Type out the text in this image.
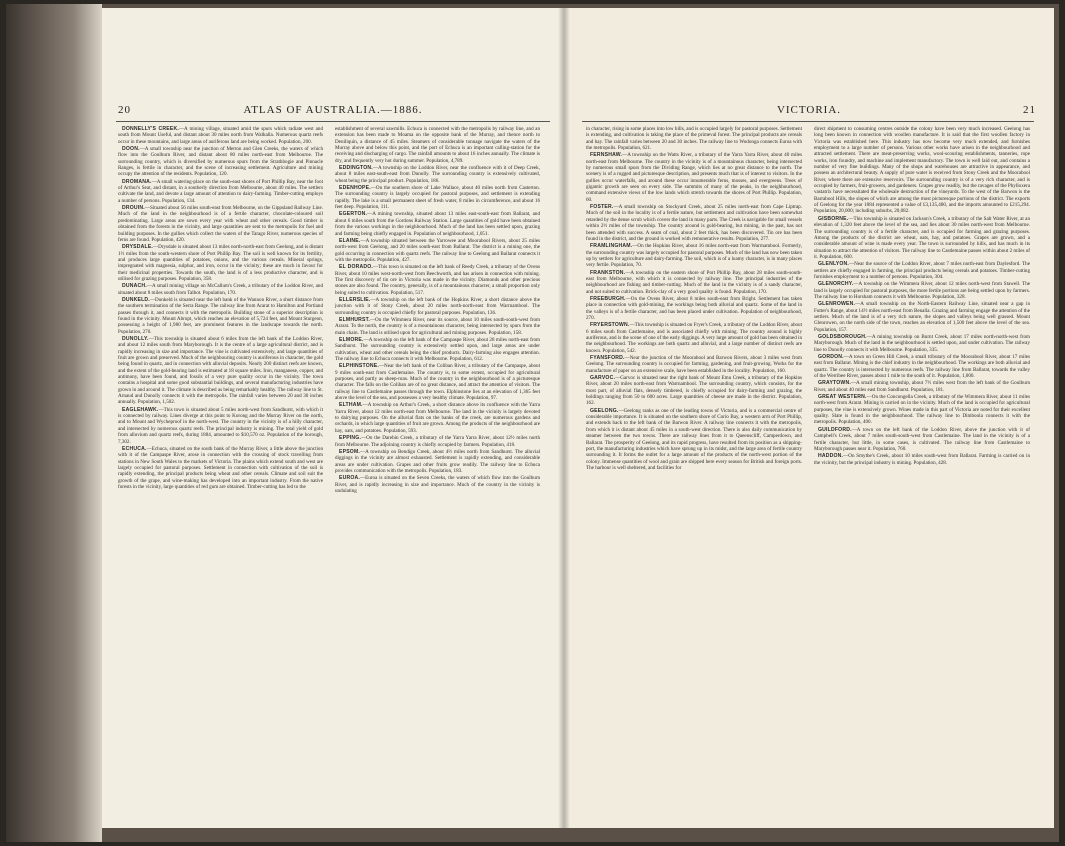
20	ATLAS OF AUSTRALIA.—1886.

DONNELLY'S CREEK.—A mining village, situated amid the spurs which radiate west and south from Mount Useful, and distant about 30 miles north from Walhalla. Numerous quartz reefs occur in these mountains, and large areas of auriferous land are being worked. Population, 200.

DOON.—A small township near the junction of Merton and Glen Creeks, the waters of which flow into the Goulburn River, and distant about 80 miles north-east from Melbourne. The surrounding country, which is diversified by numerous spurs from the Strathbogie and Pinnacle Ranges, is fertile in character, and the scene of increasing settlement. Agriculture and mining occupy the attention of the residents. Population, 120.

DROMANA.—A small watering-place on the south-east shores of Port Phillip Bay, near the foot of Arthur's Seat, and distant, in a southerly direction from Melbourne, about 40 miles. The settlers cultivate the land, and devote a large amount of attention to dairy-farming. Timber-cutting employs a number of persons. Population, 134.

DROUIN.—Situated about 56 miles south-east from Melbourne, on the Gippsland Railway Line. Much of the land in the neighbourhood is of a fertile character, chocolate-coloured soil predominating. Large areas are sown every year with wheat and other cereals. Good timber is obtained from the forests in the vicinity, and large quantities are sent to the metropolis for fuel and building purposes. In the gullies which collect the waters of the Tarago River, numerous species of ferns are found. Population, 420.

DRYSDALE.—Drysdale is situated about 13 miles north-north-east from Geelong, and is distant 1½ miles from the south-western shore of Port Phillip Bay. The soil is well known for its fertility, and produces large quantities of potatoes, onions, and the various cereals. Mineral springs, impregnated with magnesia, sulphur, and iron, occur in the vicinity; these are much in favour for their medicinal properties. Towards the south, the land is of a less productive character, and is utilised for grazing purposes. Population, 358.

DUNACH.—A small mining village on McCallum's Creek, a tributary of the Loddon River, and situated about 8 miles south from Talbot. Population, 170.

DUNKELD.—Dunkeld is situated near the left bank of the Wannon River, a short distance from the southern termination of the Serra Range. The railway line from Ararat to Hamilton and Portland passes through it, and connects it with the metropolis. Building stone of a superior description is found in the vicinity. Mount Abrupt, which reaches an elevation of 5,724 feet, and Mount Sturgeon, possessing a height of 1,980 feet, are prominent features in the landscape towards the north. Population, 270.

DUNOLLY.—This township is situated about 6 miles from the left bank of the Loddon River, and about 12 miles south from Maryborough. It is the centre of a large agricultural district, and is rapidly increasing in size and importance. The vine is cultivated extensively, and large quantities of fruit are grown and preserved. Much of the neighbouring country is auriferous in character, the gold being found in quartz, and in connection with alluvial deposits. Nearly 200 distinct reefs are known, and the extent of the gold-bearing land is estimated at 18 square miles. Iron, manganese, copper, and antimony, have been found, and fossils of a very pure quality occur in the vicinity. The town contains a hospital and some good substantial buildings, and several manufacturing industries have grown in and around it. The climate is described as being remarkably healthy. The railway line to St. Arnaud and Dunolly connects it with the metropolis. The rainfall varies between 20 and 30 inches annually. Population, 1,502.

EAGLEHAWK.—This town is situated about 5 miles north-west from Sandhurst, with which it is connected by railway. Lines diverge at this point to Korong and the Murray River on the north, and to Mount and Wycheproof in the north-west. The country in the vicinity is of a hilly character, and intersected by numerous quartz reefs. The principal industry is mining. The total yield of gold from alluvium and quartz reefs, during 1884, amounted to $10,570 oz. Population of the borough, 7,302.

ECHUCA.—Echuca, situated on the south bank of the Murray River, a little above the junction with it of the Campaspe River, arose in connection with the crossing of stock travelling from stations in New South Wales to the markets of Victoria. The plains which extend south and west are largely occupied for pastoral purposes. Settlement in connection with cultivation of the soil is rapidly extending, the principal products being wheat and other cereals. Climate and soil suit the growth of the grape, and wine-making has developed into an important industry. From the native forests in the vicinity, large quantities of red gum are obtained. Timber-cutting has led to the

establishment of several sawmills. Echuca is connected with the metropolis by railway line, and an extension has been made to Moama on the opposite bank of the Murray, and thence north to Deniliquin, a distance of 45 miles. Steamers of considerable tonnage navigate the waters of the Murray above and below this point, and the port of Echuca is an important calling-station for the receiving and discharging of cargo. The rainfall amounts to about 16 inches annually. The climate is dry, and frequently very hot during summer. Population, 4,789.

EDDINGTON.—A township on the Loddon River, near the confluence with it of Deep Creek, about 8 miles east-south-east from Dunolly. The surrounding country is extensively cultivated, wheat being the principal product. Population, 186.

EDENHOPE.—On the southern shore of Lake Wallace, about 40 miles north from Casterton. The surrounding country is largely occupied for pastoral purposes, and settlement is extending rapidly. The lake is a small permanent sheet of fresh water, 8 miles in circumference, and about 16 feet deep. Population, 111.

EGERTON.—A mining township, situated about 13 miles east-south-east from Ballarat, and about 6 miles south from the Gordons Railway Station. Large quantities of gold have been obtained from the various workings in the neighbourhood. Much of the land has been settled upon, grazing and farming being chiefly engaged in. Population of neighbourhood, 1,051.

ELAINE.—A township situated between the Yarrowee and Moorabool Rivers, about 25 miles north-west from Geelong, and 20 miles south-east from Ballarat. The district is a mining one, the gold occurring in connection with quartz reefs. The railway line to Geelong and Ballarat connects it with the metropolis. Population, 427.

EL DORADO.—This town is situated on the left bank of Reedy Creek, a tributary of the Ovens River, about 10 miles west-north-west from Beechworth, and has arisen in connection with mining. The first discovery of tin ore in Victoria was made in the vicinity. Diamonds and other precious stones are also found. The country, generally, is of a mountainous character, a small proportion only being suited to cultivation. Population, 517.

ELLERSLIE.—A township on the left bank of the Hopkins River, a short distance above the junction with it of Stony Creek, about 20 miles north-north-east from Warrnambool. The surrounding country is occupied chiefly for pastoral purposes. Population, 136.

ELMHURST.—On the Wimmera River, near its source, about 10 miles south-south-west from Ararat. To the north, the country is of a mountainous character, being intersected by spurs from the main chain. The land is utilised upon for agricultural and mining purposes. Population, 158.

ELMORE.—A township on the left bank of the Campaspe River, about 28 miles north-east from Sandhurst. The surrounding country is extensively settled upon, and large areas are under cultivation, wheat and other cereals being the chief products. Dairy-farming also engages attention. The railway line to Echuca connects it with Melbourne. Population, 612.

ELPHINSTONE.—Near the left bank of the Coliban River, a tributary of the Campaspe, about 9 miles south-east from Castlemaine. The country is, to some extent, occupied for agricultural purposes, and partly as sheep-runs. Much of the country in the neighbourhood is of a picturesque character. The falls on the Coliban are of no great distance, and attract the attention of visitors. The railway line to Castlemaine passes through the town. Elphinstone lies at an elevation of 1,365 feet above the level of the sea, and possesses a very healthy climate. Population, 97.

ELTHAM.—A township on Arthur's Creek, a short distance above its confluence with the Yarra Yarra River, about 12 miles north-east from Melbourne. The land in the vicinity is largely devoted to dairying purposes. On the alluvial flats on the banks of the creek, are numerous gardens and orchards, in which large quantities of fruit are grown. Among the products of the neighbourhood are hay, oats, and potatoes. Population, 593.

EPPING.—On the Darebin Creek, a tributary of the Yarra Yarra River, about 12½ miles north from Melbourne. The adjoining country is chiefly occupied by farmers. Population, 418.

EPSOM.—A township on Bendigo Creek, about 4½ miles north from Sandhurst. The alluvial diggings in the vicinity are almost exhausted. Settlement is rapidly extending, and considerable areas are under cultivation. Grapes and other fruits grow readily. The railway line to Echuca provides communication with the metropolis. Population, 183.

EUROA.—Euroa is situated on the Seven Creeks, the waters of which flow into the Goulburn River, and is rapidly increasing in size and importance. Much of the country in the vicinity is undulating

VICTORIA.	21

in character, rising in some places into low hills, and is occupied largely for pastoral purposes. Settlement is extending, and cultivation is taking the place of the primeval forest. The principal products are cereals and hay. The rainfall varies between 20 and 30 inches. The railway line to Wodonga connects Euroa with the metropolis. Population, 621.

FERNSHAW.—A township on the Watts River, a tributary of the Yarra Yarra River, about 40 miles north-east from Melbourne. The country in the vicinity is of a mountainous character, being intersected by numerous small spurs from the Dividing Range, which lies at no great distance to the north. The scenery is of a rugged and picturesque description, and presents much that is of interest to visitors. In the gullies occur waterfalls, and around these occur innumerable ferns, mosses, and evergreens. Trees of gigantic growth are seen on every side. The summits of many of the peaks, in the neighbourhood, command extensive views of the low lands which stretch towards the shores of Port Phillip. Population, 60.

FOSTER.—A small township on Stockyard Creek, about 25 miles north-east from Cape Liptrap. Much of the soil in the locality is of a fertile nature, but settlement and cultivation have been somewhat retarded by the dense scrub which covers the land in many parts. The Creek is navigable for small vessels within 2½ miles of the township. The country around is gold-bearing, but mining, in the past, has not been attended with success. A seam of coal, about 2 feet thick, has been discovered. Tin ore has been found in the district, and the ground is worked with remunerative results. Population, 277.

FRAMLINGHAM.—On the Hopkins River, about 16 miles north-east from Warrnambool. Formerly, the surrounding country was largely occupied for pastoral purposes. Much of the land has now been taken up by settlers for agriculture and dairy-farming. The soil, which is of a loamy character, is in many places very fertile. Population, 70.

FRANKSTON.—A township on the eastern shore of Port Phillip Bay, about 28 miles south-south-east from Melbourne, with which it is connected by railway line. The principal industries of the neighbourhood are fishing and timber-cutting. Much of the land in the vicinity is of a sandy character, and not suited to cultivation. Brick-clay of a very good quality is found. Population, 170.

FREEBURGH.—On the Ovens River, about 8 miles south-east from Bright. Settlement has taken place in connection with gold-mining, the workings being both alluvial and quartz. Some of the land in the valleys is of a fertile character, and has been placed under cultivation. Population of neighbourhood, 270.

FRYERSTOWN.—This township is situated on Fryer's Creek, a tributary of the Loddon River, about 6 miles south from Castlemaine, and is associated chiefly with mining. The country around is highly auriferous, and is the scene of one of the early diggings. A very large amount of gold has been obtained in the neighbourhood. The workings are both quartz and alluvial, and a large number of distinct reefs are known. Population, 542.

FYANSFORD.—Near the junction of the Moorabool and Barwon Rivers, about 3 miles west from Geelong. The surrounding country is occupied for farming, gardening, and fruit-growing. Works for the manufacture of paper on an extensive scale, have been established in the locality. Population, 160.

GARVOC.—Garvoc is situated near the right bank of Mount Emu Creek, a tributary of the Hopkins River, about 20 miles north-east from Warrnambool. The surrounding country, which consists, for the most part, of alluvial flats, densely timbered, is chiefly occupied for dairy-farming and grazing, the holdings ranging from 50 to 600 acres. Large quantities of cheese are made in the district. Population, 162.

GEELONG.—Geelong ranks as one of the leading towns of Victoria, and is a commercial centre of considerable importance. It is situated on the southern shore of Corio Bay, a western arm of Port Phillip, and extends back to the left bank of the Barwon River. A railway line connects it with the metropolis, from which it is distant about 45 miles in a south-west direction. There is also daily communication by steamer between the two towns. There are railway lines from it to Queenscliff, Camperdown, and Ballarat. The prosperity of Geelong, and its rapid progress, have resulted from its position as a shipping-port, the manufacturing industries which have sprung up in its midst, and the large area of fertile country surrounding it. It forms the outlet for a large amount of the products of the north-west portion of the colony. Immense quantities of wool and grain are shipped here every season for British and foreign ports. The harbour is well sheltered, and facilities for

direct shipment to consuming centres outside the colony have been very much increased. Geelong has long been known in connection with woollen manufacture. It is said that the first woollen factory in Victoria was established here. This industry has now become very much extended, and furnishes employment to a large number of persons. Various other works have arisen in the neighbourhood and attracted settlement. There are meat-preserving works, wool-scouring establishments, tanneries, rope works, iron foundry, and machine and implement manufactory. The town is well laid out, and contains a number of very fine buildings. Many of the shops and warehouses are attractive in appearance, and possess an architectural beauty. A supply of pure water is received from Stony Creek and the Moorabool River, where there are extensive reservoirs. The surrounding country is of a very rich character, and is occupied by farmers, fruit-growers, and gardeners. Grapes grow readily, but the ravages of the Phylloxera vastatrix have necessitated the wholesale destruction of the vineyards. To the west of the Barwon is the Barrabool Hills, the slopes of which are among the most picturesque portions of the district. The exports of Geelong for the year 1884 represented a value of £3,135,480, and the imports amounted to £215,294. Population, 20,000; including suburbs, 20,082.

GISBORNE.—This township is situated on Jackson's Creek, a tributary of the Salt Water River, at an elevation of 1,320 feet above the level of the sea, and lies about 30 miles north-west from Melbourne. The surrounding country is of a fertile character, and is occupied for farming and grazing purposes. Among the products of the district are wheat, oats, hay, and potatoes. Grapes are grown, and a considerable amount of wine is made every year. The town is surrounded by hills, and has much in its situation to attract the attention of visitors. The railway line to Castlemaine passes within about 2 miles of it. Population, 600.

GLENLYON.—Near the source of the Loddon River, about 7 miles north-east from Daylesford. The settlers are chiefly engaged in farming, the principal products being cereals and potatoes. Timber-cutting furnishes employment to a number of persons. Population, 304.

GLENORCHY.—A township on the Wimmera River, about 12 miles north-west from Stawell. The land is largely occupied for pastoral purposes, the more fertile portions are being settled upon by farmers. The railway line to Horsham connects it with Melbourne. Population, 328.

GLENROWEN.—A small township on the North-Eastern Railway Line, situated near a gap in Futter's Range, about 14½ miles north-east from Benalla. Grazing and farming engage the attention of the settlers. Much of the land is of a very rich nature, the slopes and valleys being well grassed. Mount Glenrowen, on the north side of the town, reaches an elevation of 1,500 feet above the level of the sea. Population, 157.

GOLDSBOROUGH.—A mining township on Burnt Creek, about 17 miles north-north-west from Maryborough. Much of the land in the neighbourhood is settled upon, and under cultivation. The railway line to Dunolly connects it with Melbourne. Population, 335.

GORDON.—A town on Green Hill Creek, a small tributary of the Moorabool River, about 17 miles east from Ballarat. Mining is the chief industry in the neighbourhood. The workings are both alluvial and quartz. The country is intersected by numerous reefs. The railway line from Ballarat, towards the valley of the Werribee River, passes about 1 mile to the south of it. Population, 1,000.

GRAYTOWN.—A small mining township, about 7½ miles west from the left bank of the Goulburn River, and about 40 miles east from Sandhurst. Population, 181.

GREAT WESTERN.—On the Concongella Creek, a tributary of the Wimmera River, about 11 miles north-west from Ararat. Mining is carried on in the vicinity. Much of the land is occupied for agricultural purposes, the vine is extensively grown. Wines made in this part of Victoria are noted for their excellent quality. Slate is found in the neighbourhood. The railway line to Dimboola connects it with the metropolis. Population, 400.

GUILDFORD.—A town on the left bank of the Loddon River, above the junction with it of Campbell's Creek, about 7 miles south-south-west from Castlemaine. The land in the vicinity is of a fertile character, but little, in some cases, is cultivated. The railway line from Castlemaine to Maryborough passes near it. Population, 760.

HADDON.—On Smythe's Creek, about 10 miles south-west from Ballarat. Farming is carried on in the vicinity, but the principal industry is mining. Population, 428.
